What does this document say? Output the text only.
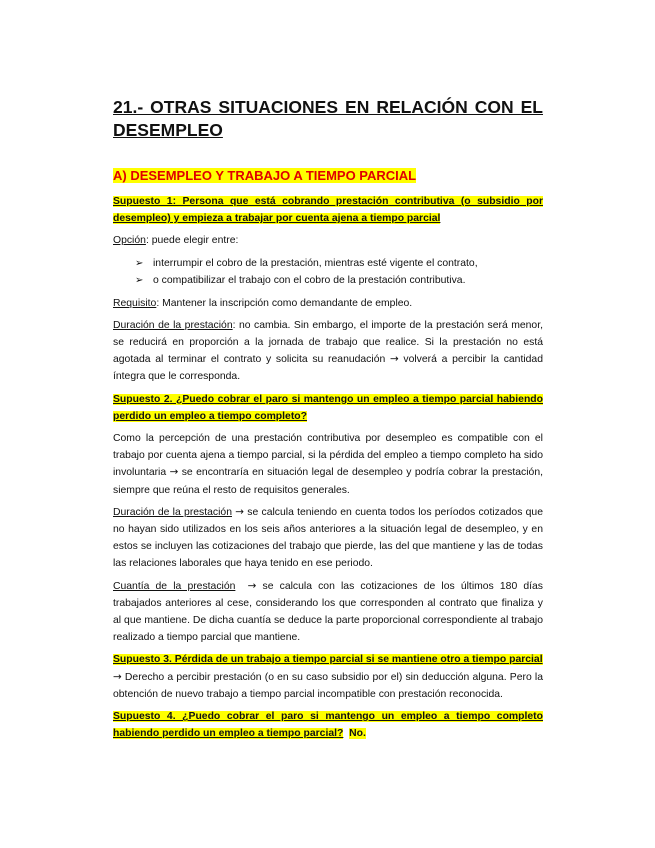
21.- OTRAS SITUACIONES EN RELACIÓN CON EL
DESEMPLEO
A) DESEMPLEO Y TRABAJO A TIEMPO PARCIAL

Supuesto 1: Persona que está cobrando prestación contributiva (o subsidio por desempleo) y empieza a trabajar por cuenta ajena a tiempo parcial

Opción: puede elegir entre:

➢ interrumpir el cobro de la prestación, mientras esté vigente el contrato,
➢ o compatibilizar el trabajo con el cobro de la prestación contributiva.

Requisito: Mantener la inscripción como demandante de empleo.

Duración de la prestación: no cambia. Sin embargo, el importe de la prestación será menor, se reducirá en proporción a la jornada de trabajo que realice. Si la prestación no está agotada al terminar el contrato y solicita su reanudación → volverá a percibir la cantidad íntegra que le corresponda.

Supuesto 2. ¿Puedo cobrar el paro si mantengo un empleo a tiempo parcial habiendo perdido un empleo a tiempo completo?

Como la percepción de una prestación contributiva por desempleo es compatible con el trabajo por cuenta ajena a tiempo parcial, si la pérdida del empleo a tiempo completo ha sido involuntaria → se encontraría en situación legal de desempleo y podría cobrar la prestación, siempre que reúna el resto de requisitos generales.

Duración de la prestación → se calcula teniendo en cuenta todos los períodos cotizados que no hayan sido utilizados en los seis años anteriores a la situación legal de desempleo, y en estos se incluyen las cotizaciones del trabajo que pierde, las del que mantiene y las de todas las relaciones laborales que haya tenido en ese periodo.

Cuantía de la prestación → se calcula con las cotizaciones de los últimos 180 días trabajados anteriores al cese, considerando los que corresponden al contrato que finaliza y al que mantiene. De dicha cuantía se deduce la parte proporcional correspondiente al trabajo realizado a tiempo parcial que mantiene.

Supuesto 3. Pérdida de un trabajo a tiempo parcial si se mantiene otro a tiempo parcial
→ Derecho a percibir prestación (o en su caso subsidio por el) sin deducción alguna. Pero la obtención de nuevo trabajo a tiempo parcial incompatible con prestación reconocida.

Supuesto 4. ¿Puedo cobrar el paro si mantengo un empleo a tiempo completo habiendo perdido un empleo a tiempo parcial? No.
